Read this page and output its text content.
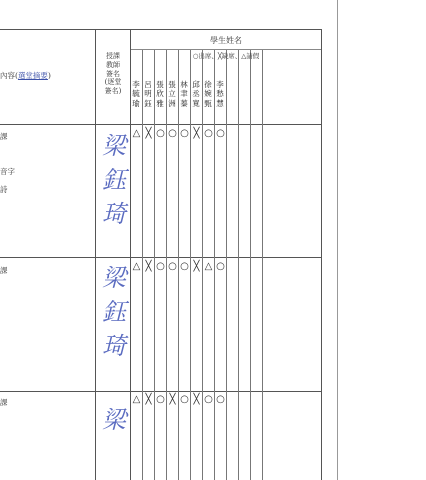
內容(選堂摘要)
授課
教師
簽名
(逐堂
簽名)
學生姓名
○出席、╳缺席、△請假
李
毓
瑜
呂
明
鈺
張
欣
雅
張
立
洲
林
聿
蓁
邱
丞
寬
徐
婉
甄
李
愁
慧
課
音字
詩
課
課
梁
鈺
琦
梁
鈺
琦
梁
△ ╳ ○ ○ ○ ╳ ○ ○
△ ╳ ○ ○ ○ ╳ △ ○
△ ╳ ○ ╳ ○ ╳ ○ ○
